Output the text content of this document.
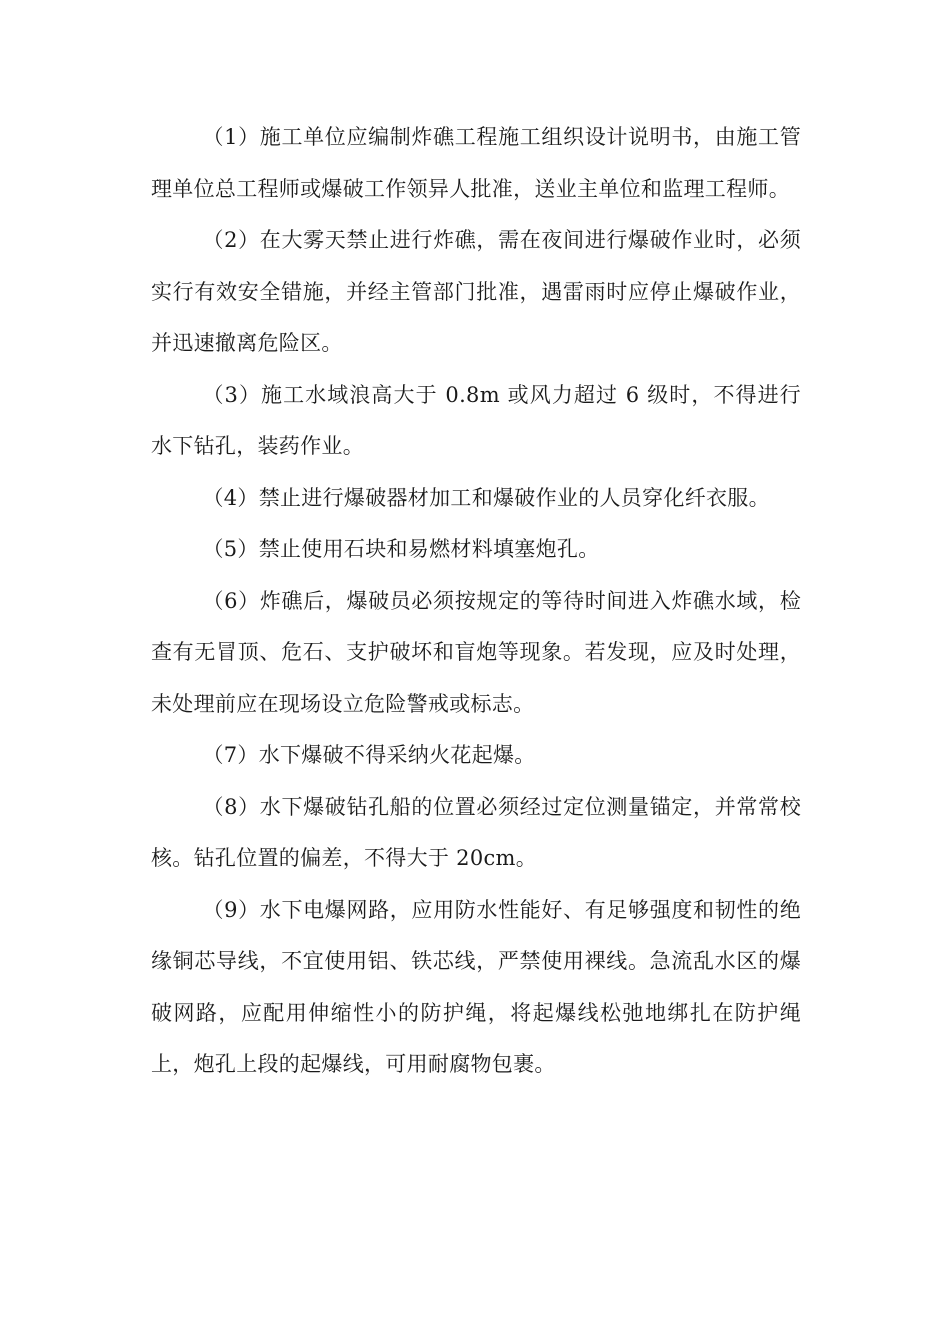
（1）施工单位应编制炸礁工程施工组织设计说明书，由施工管理单位总工程师或爆破工作领异人批准，送业主单位和监理工程师。

（2）在大雾天禁止进行炸礁，需在夜间进行爆破作业时，必须实行有效安全错施，并经主管部门批准，遇雷雨时应停止爆破作业，并迅速撤离危险区。

（3）施工水域浪高大于 0.8m 或风力超过 6 级时，不得进行水下钻孔，装药作业。

（4）禁止进行爆破器材加工和爆破作业的人员穿化纤衣服。

（5）禁止使用石块和易燃材料填塞炮孔。

（6）炸礁后，爆破员必须按规定的等待时间进入炸礁水域，检查有无冒顶、危石、支护破坏和盲炮等现象。若发现，应及时处理，未处理前应在现场设立危险警戒或标志。

（7）水下爆破不得采纳火花起爆。

（8）水下爆破钻孔船的位置必须经过定位测量锚定，并常常校核。钻孔位置的偏差，不得大于 20cm。

（9）水下电爆网路，应用防水性能好、有足够强度和韧性的绝缘铜芯导线，不宜使用铝、铁芯线，严禁使用裸线。急流乱水区的爆破网路，应配用伸缩性小的防护绳，将起爆线松弛地绑扎在防护绳上，炮孔上段的起爆线，可用耐腐物包裹。
